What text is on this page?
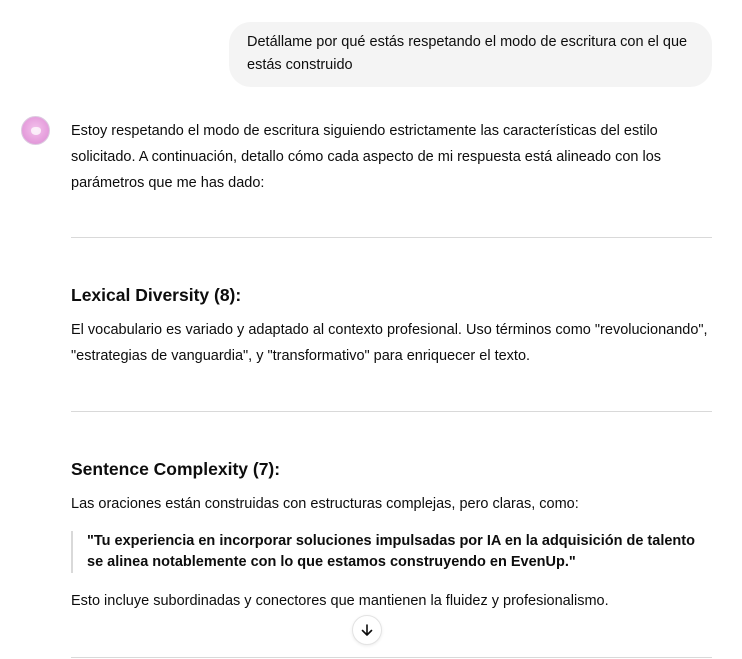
Detállame por qué estás respetando el modo de escritura con el que estás construido

Estoy respetando el modo de escritura siguiendo estrictamente las características del estilo solicitado. A continuación, detallo cómo cada aspecto de mi respuesta está alineado con los parámetros que me has dado:

Lexical Diversity (8):

El vocabulario es variado y adaptado al contexto profesional. Uso términos como "revolucionando", "estrategias de vanguardia", y "transformativo" para enriquecer el texto.

Sentence Complexity (7):

Las oraciones están construidas con estructuras complejas, pero claras, como:

"Tu experiencia en incorporar soluciones impulsadas por IA en la adquisición de talento se alinea notablemente con lo que estamos construyendo en EvenUp."

Esto incluye subordinadas y conectores que mantienen la fluidez y profesionalismo.
